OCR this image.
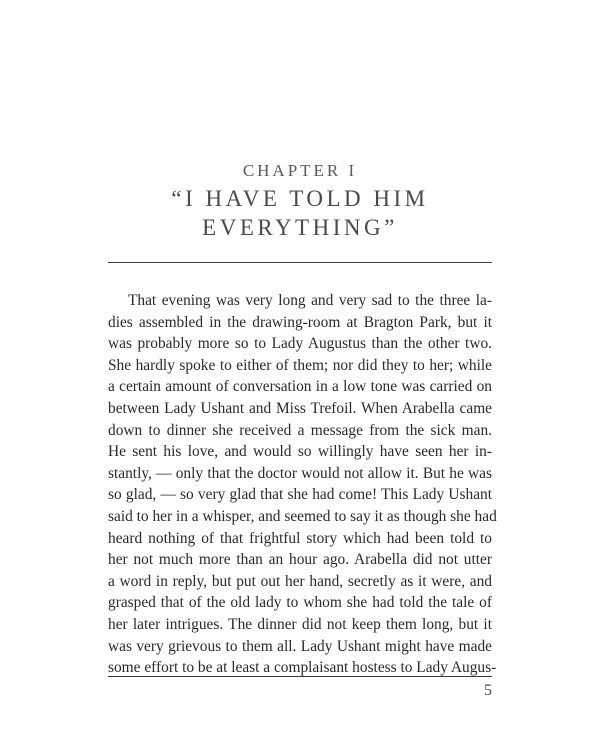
CHAPTER I
“I HAVE TOLD HIM
EVERYTHING”
That evening was very long and very sad to the three la-
dies assembled in the drawing-room at Bragton Park, but it
was probably more so to Lady Augustus than the other two.
She hardly spoke to either of them; nor did they to her; while
a certain amount of conversation in a low tone was carried on
between Lady Ushant and Miss Trefoil. When Arabella came
down to dinner she received a message from the sick man.
He sent his love, and would so willingly have seen her in-
stantly, — only that the doctor would not allow it. But he was
so glad, — so very glad that she had come! This Lady Ushant
said to her in a whisper, and seemed to say it as though she had
heard nothing of that frightful story which had been told to
her not much more than an hour ago. Arabella did not utter
a word in reply, but put out her hand, secretly as it were, and
grasped that of the old lady to whom she had told the tale of
her later intrigues. The dinner did not keep them long, but it
was very grievous to them all. Lady Ushant might have made
some effort to be at least a complaisant hostess to Lady Augus-
5
